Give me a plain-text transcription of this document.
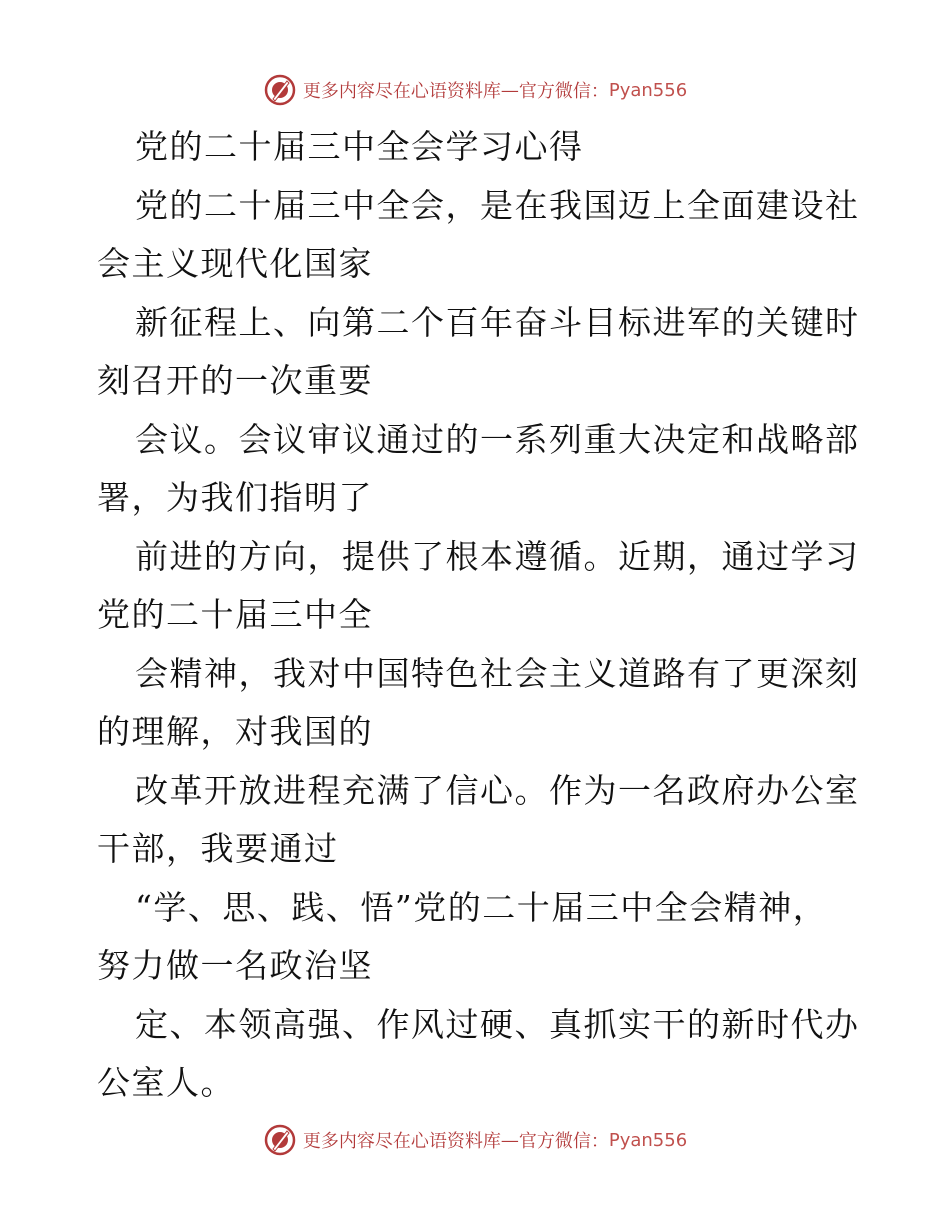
更多内容尽在心语资料库 — 官方微信： Pyan556
党的二十届三中全会学习心得
党的二十届三中全会，是在我国迈上全面建设社
会主义现代化国家
新征程上、向第二个百年奋斗目标进军的关键时
刻召开的一次重要
会议。会议审议通过的一系列重大决定和战略部
署，为我们指明了
前进的方向，提供了根本遵循。近期，通过学习
党的二十届三中全
会精神，我对中国特色社会主义道路有了更深刻
的理解，对我国的
改革开放进程充满了信心。作为一名政府办公室
干部，我要通过
“学、思、践、悟”党的二十届三中全会精神，
努力做一名政治坚
定、本领高强、作风过硬、真抓实干的新时代办
公室人。
更多内容尽在心语资料库 — 官方微信： Pyan556
